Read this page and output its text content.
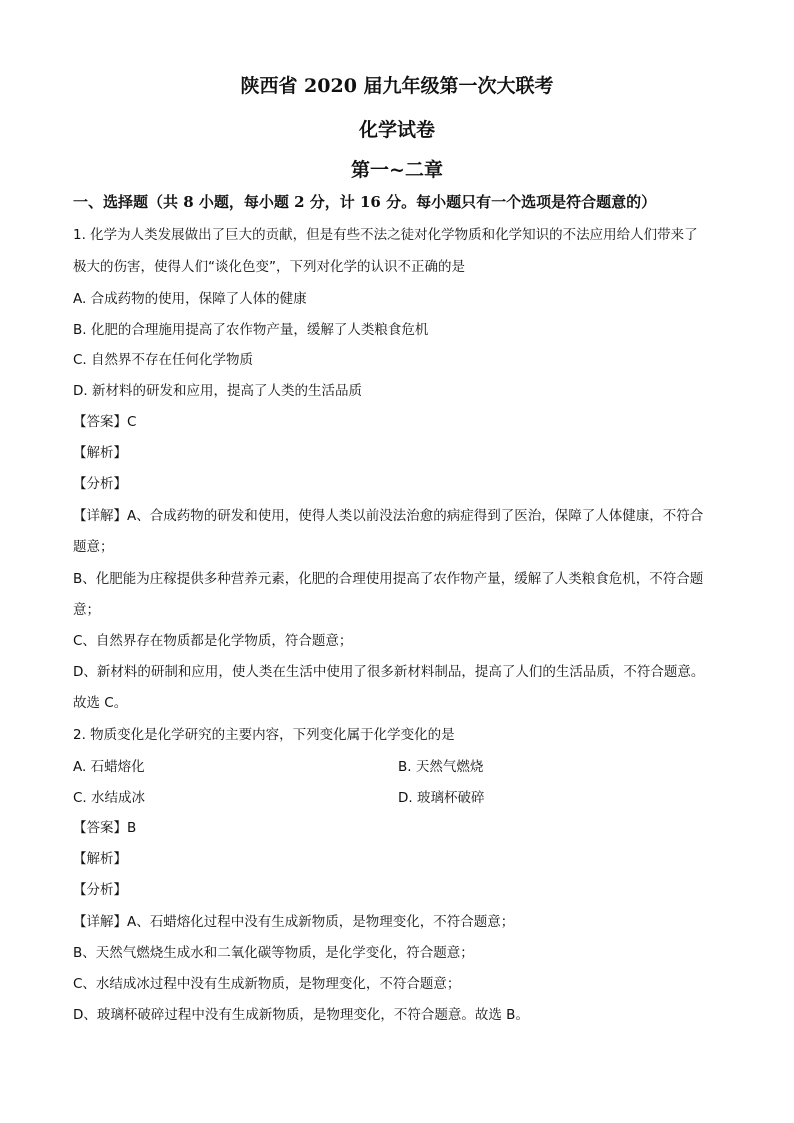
陕西省 2020 届九年级第一次大联考
化学试卷
第一~二章
一、选择题（共 8 小题，每小题 2 分，计 16 分。每小题只有一个选项是符合题意的）
1. 化学为人类发展做出了巨大的贡献，但是有些不法之徒对化学物质和化学知识的不法应用给人们带来了
极大的伤害，使得人们“谈化色变”，下列对化学的认识不正确的是
A. 合成药物的使用，保障了人体的健康
B. 化肥的合理施用提高了农作物产量，缓解了人类粮食危机
C. 自然界不存在任何化学物质
D. 新材料的研发和应用，提高了人类的生活品质
【答案】C
【解析】
【分析】
【详解】A、合成药物的研发和使用，使得人类以前没法治愈的病症得到了医治，保障了人体健康，不符合
题意；
B、化肥能为庄稼提供多种营养元素，化肥的合理使用提高了农作物产量，缓解了人类粮食危机，不符合题
意；
C、自然界存在物质都是化学物质，符合题意；
D、新材料的研制和应用，使人类在生活中使用了很多新材料制品，提高了人们的生活品质，不符合题意。
故选 C。
2. 物质变化是化学研究的主要内容，下列变化属于化学变化的是
A. 石蜡熔化	B. 天然气燃烧
C. 水结成冰	D. 玻璃杯破碎
【答案】B
【解析】
【分析】
【详解】A、石蜡熔化过程中没有生成新物质，是物理变化，不符合题意；
B、天然气燃烧生成水和二氧化碳等物质，是化学变化，符合题意；
C、水结成冰过程中没有生成新物质，是物理变化，不符合题意；
D、玻璃杯破碎过程中没有生成新物质，是物理变化，不符合题意。故选 B。
